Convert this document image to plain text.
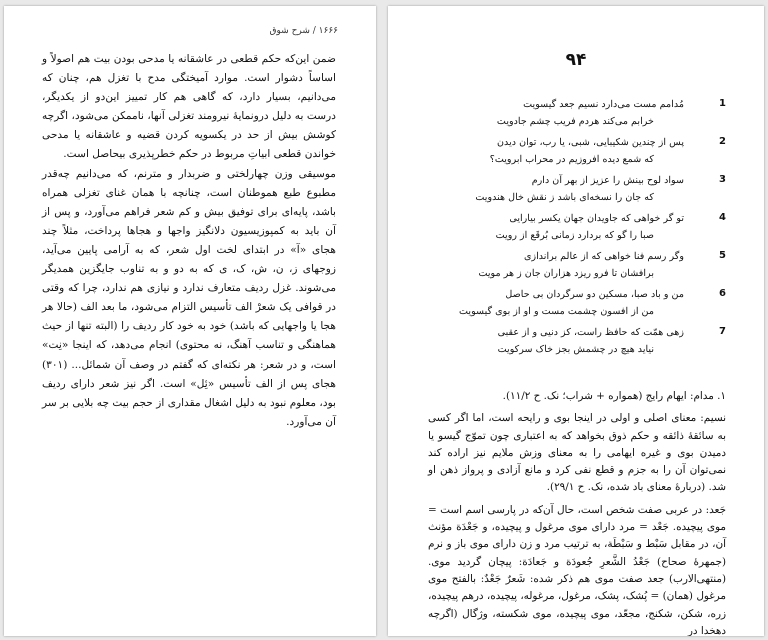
۱۶۶۶ / شرح شوق

ضمن این‌که حکم قطعی در عاشقانه یا مدحی بودن بیت هم اصولاً و اساساً دشوار است. موارد آمیختگی مدح با تغزل هم، چنان که می‌دانیم، بسیار دارد، که گاهی هم کار تمییز این‌دو از یکدیگر، درست به دلیل درونمایهٔ نیرومند تغزلی آنها، ناممکن می‌شود، اگرچه کوشش بیش از حد در یکسویه کردن قضیه و عاشقانه یا مدحی خواندن قطعی ابیاتِ مربوط در حکم خطرپذیری بیحاصل است.

موسیقی وزن چهارلختی و ضربدار و مترنم، که می‌دانیم چه‌قدر مطبوع طبع هموطنان است، چنانچه با همان غنای تغزلی همراه باشد، پایه‌ای برای توفیق بیش و کم شعر فراهم می‌آورد، و پس از آن باید به کمپوزیسیون دلانگیز واجها و هجاها پرداخت، مثلاً چند هجای «آ» در ابتدای لخت اول شعر، که به آرامی پایین می‌آید، زوجهای ز، ن، ش، ک، ی که به دو و به تناوب جایگزین همدیگر می‌شوند. غزل ردیف متعارف ندارد و نیازی هم ندارد، چرا که وقتی در قوافی یک شعرْ الف تأسیس التزام می‌شود، ما بعد الف (حالا هر هجا یا واجهایی که باشد) خود به خود کار ردیف را (البته تنها از حیث هماهنگی و تناسب آهنگ، نه محتوی) انجام می‌دهد، که اینجا «نِت» است، و در شعر: هر نکته‌ای که گفتم در وصف آن شمائل... (۳۰۱) هجای پس از الف تأسیس «ئِل» است. اگر نیز شعر دارای ردیف بود، معلوم نبود به دلیل اشغال مقداری از حجم بیت چه بلایی بر سر آن می‌آورد.

۹۴
1
مُدامم مست می‌دارد نسیم جعد گیسویت
خرابم می‌کند هردم فریب چشم جادویت
2
پس از چندین شکیبایی، شبی، یا رب، توان دیدن
که شمع دیده افروزیم در محراب ابرویت؟
3
سواد لوح بینش را عزیز از بهر آن دارم
که جان را نسخه‌ای باشد ز نقش خال هندویت
4
تو گر خواهی که جاویدان جهان یکسر بیارایی
صبا را گو که بردارد زمانی بُرقَع از رویت
5
وگر رسم فنا خواهی که از عالم براندازی
برافشان تا فرو ریزد هزاران جان ز هر مویت
6
من و باد صبا، مسکین دو سرگردان بی حاصل
من از افسون چشمت مست و او از بوی گیسویت
7
زهی همّت که حافظ راست، کز دنیی و از عقبی
نیاید هیچ در چشمش بجز خاک سرکویت

۱. مدام: ایهام رایج (همواره + شراب؛ نک. ح ۱۱/۲).

نسیم: معنای اصلی و اولی در اینجا بوی و رایحه است، اما اگر کسی به سائقهٔ ذائقه و حکم ذوق بخواهد که به اعتباری چون تموّج گیسو یا دمیدن بوی و غیره ایهامی را به معنای وزش ملایم نیز اراده کند نمی‌توان آن را به جزم و قطع نفی کرد و مانع آزادی و پرواز ذهن او شد. (دربارهٔ معنای باد شده، نک. ح ۲۹/۱).

جَعد: در عربی صفت شخص است، حال آن‌که در پارسی اسم است = موی پیچیده. جَعْد = مرد دارای موی مرغول و پیچیده، و جَعْدَة مؤنث آن، در مقابل سَبْط و سَبْطَة، به ترتیب مرد و زن دارای موی باز و نرم (جمهرهٔ صحاح) جَعْدُ الشَّعرِ جُعودَة و جَعادَة: پیچان گردید موی. (منتهی‌الارب) جعد صفت موی هم ذکر شده: شَعرٌ جَعْدٌ: بالفتح موی مرغول (همان) = پُشک، پشک، مرغول، مرغوله، پیچیده، درهم پیچیده، زره، شکن، شکنج، مجعّد، موی پیچیده، موی شکسته، وژگال (اگرچه دهخدا در
